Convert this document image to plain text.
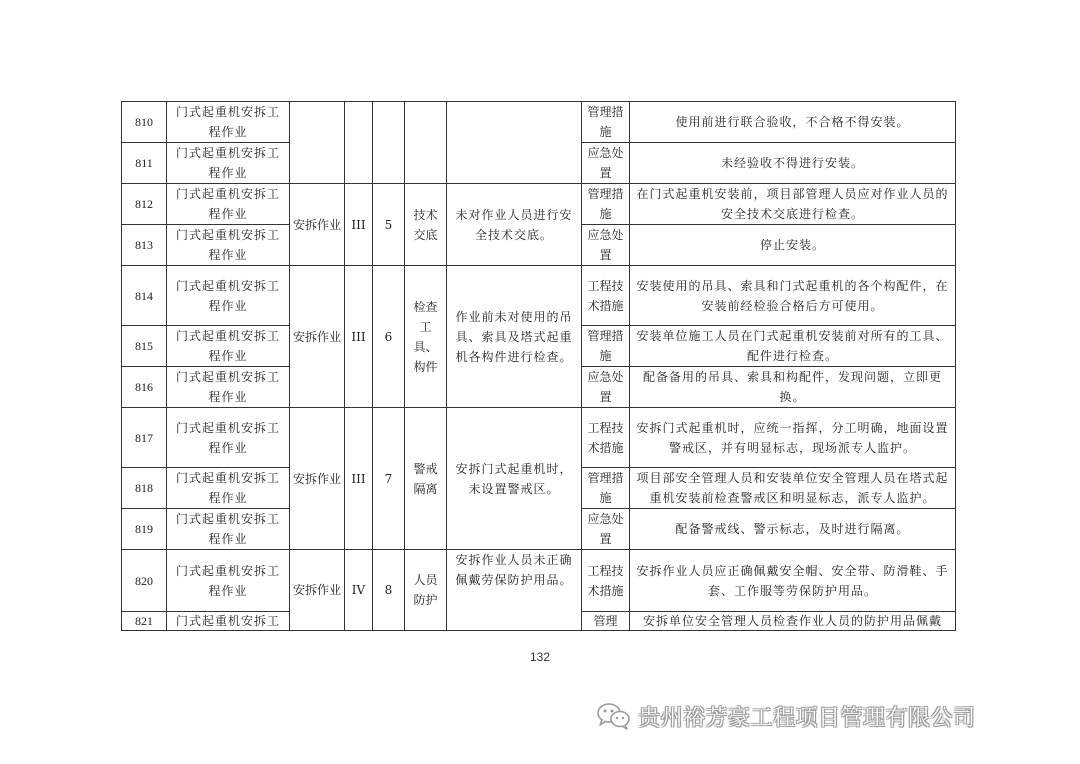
810	门式起重机安拆工程作业						管理措施	使用前进行联合验收，不合格不得安装。
811	门式起重机安拆工程作业						应急处置	未经验收不得进行安装。
812	门式起重机安拆工程作业	安拆作业	III	5	技术交底	未对作业人员进行安全技术交底。	管理措施	在门式起重机安装前，项目部管理人员应对作业人员的安全技术交底进行检查。
813	门式起重机安拆工程作业						应急处置	停止安装。
814	门式起重机安拆工程作业	安拆作业	III	6	检查工具、构件	作业前未对使用的吊具、索具及塔式起重机各构件进行检查。	工程技术措施	安装使用的吊具、索具和门式起重机的各个构配件，在安装前经检验合格后方可使用。
815	门式起重机安拆工程作业						管理措施	安装单位施工人员在门式起重机安装前对所有的工具、配件进行检查。
816	门式起重机安拆工程作业						应急处置	配备备用的吊具、索具和构配件，发现问题，立即更换。
817	门式起重机安拆工程作业	安拆作业	III	7	警戒隔离	安拆门式起重机时，未设置警戒区。	工程技术措施	安拆门式起重机时，应统一指挥，分工明确，地面设置警戒区，并有明显标志，现场派专人监护。
818	门式起重机安拆工程作业						管理措施	项目部安全管理人员和安装单位安全管理人员在塔式起重机安装前检查警戒区和明显标志，派专人监护。
819	门式起重机安拆工程作业						应急处置	配备警戒线、警示标志，及时进行隔离。
820	门式起重机安拆工程作业	安拆作业	IV	8	人员防护	安拆作业人员未正确佩戴劳保防护用品。	工程技术措施	安拆作业人员应正确佩戴安全帽、安全带、防滑鞋、手套、工作服等劳保防护用品。
821	门式起重机安拆工						管理	安拆单位安全管理人员检查作业人员的防护用品佩戴
132
贵州裕芳豪工程项目管理有限公司
